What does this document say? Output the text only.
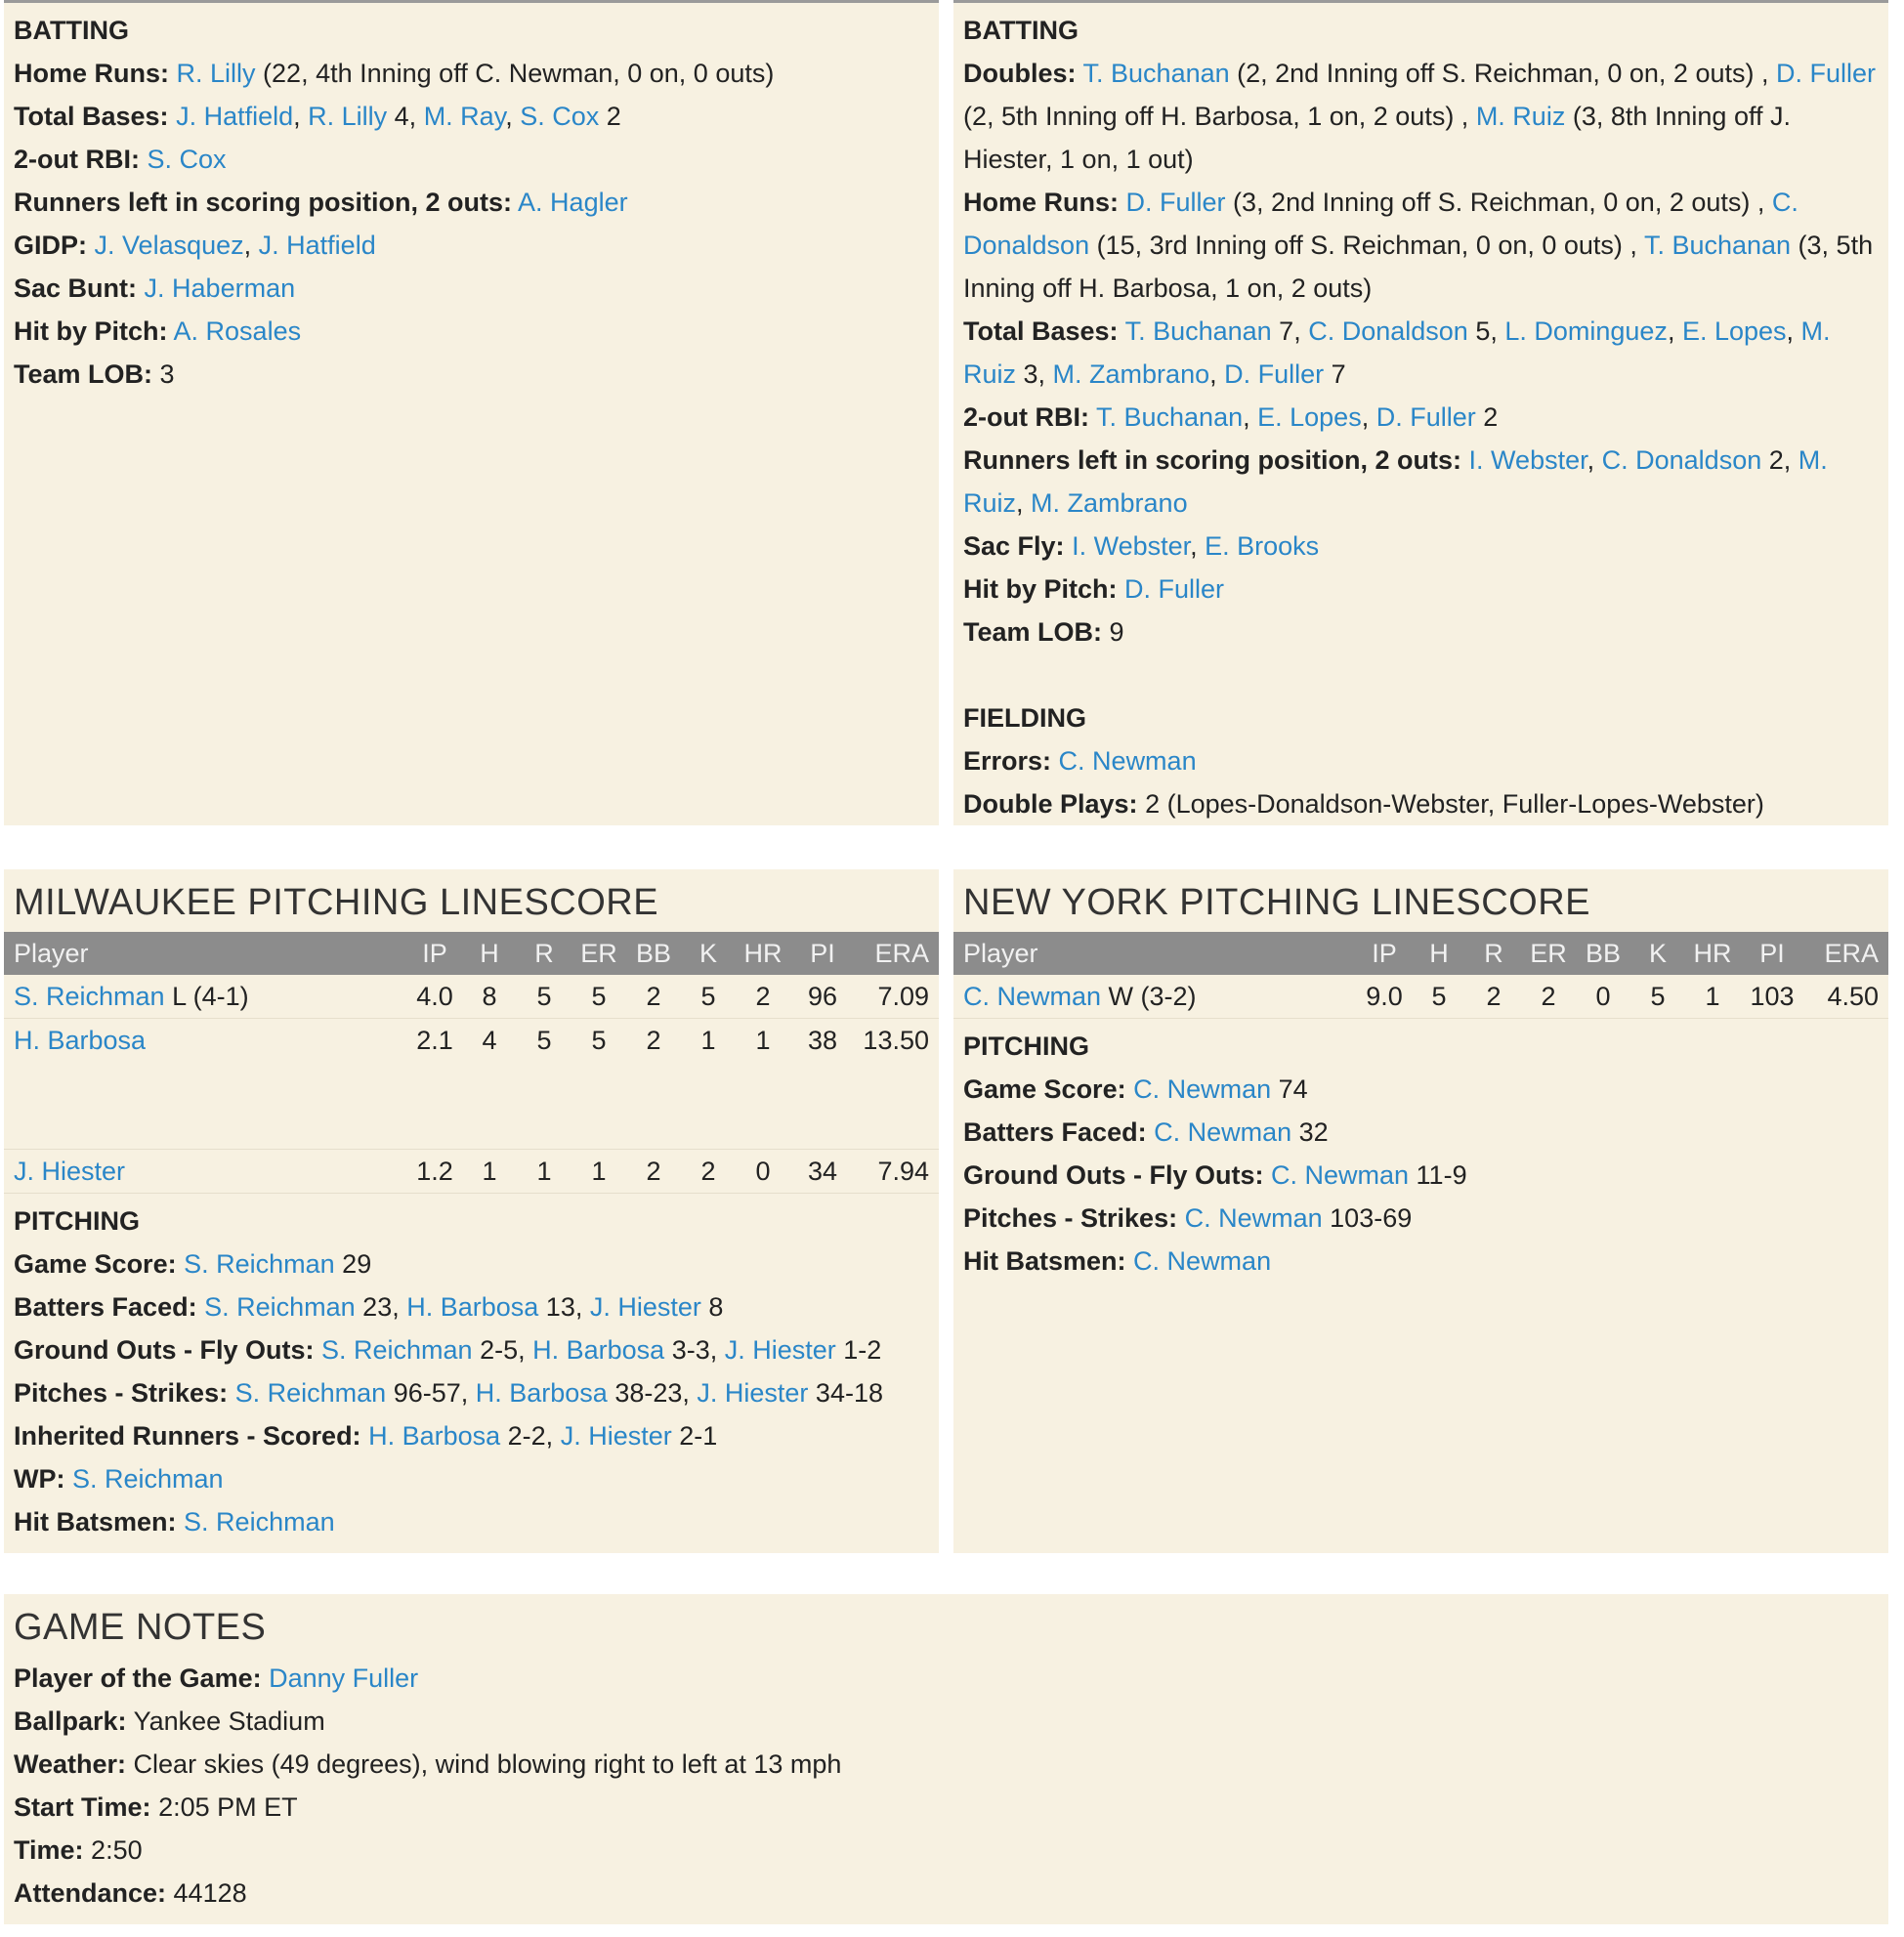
BATTING
Home Runs: R. Lilly (22, 4th Inning off C. Newman, 0 on, 0 outs)
Total Bases: J. Hatfield, R. Lilly 4, M. Ray, S. Cox 2
2-out RBI: S. Cox
Runners left in scoring position, 2 outs: A. Hagler
GIDP: J. Velasquez, J. Hatfield
Sac Bunt: J. Haberman
Hit by Pitch: A. Rosales
Team LOB: 3
BATTING
Doubles: T. Buchanan (2, 2nd Inning off S. Reichman, 0 on, 2 outs) , D. Fuller (2, 5th Inning off H. Barbosa, 1 on, 2 outs) , M. Ruiz (3, 8th Inning off J. Hiester, 1 on, 1 out)
Home Runs: D. Fuller (3, 2nd Inning off S. Reichman, 0 on, 2 outs) , C. Donaldson (15, 3rd Inning off S. Reichman, 0 on, 0 outs) , T. Buchanan (3, 5th Inning off H. Barbosa, 1 on, 2 outs)
Total Bases: T. Buchanan 7, C. Donaldson 5, L. Dominguez, E. Lopes, M. Ruiz 3, M. Zambrano, D. Fuller 7
2-out RBI: T. Buchanan, E. Lopes, D. Fuller 2
Runners left in scoring position, 2 outs: I. Webster, C. Donaldson 2, M. Ruiz, M. Zambrano
Sac Fly: I. Webster, E. Brooks
Hit by Pitch: D. Fuller
Team LOB: 9
FIELDING
Errors: C. Newman
Double Plays: 2 (Lopes-Donaldson-Webster, Fuller-Lopes-Webster)
MILWAUKEE PITCHING LINESCORE
Player	IP	H	R	ER BB	K	HR	PI	ERA
S. Reichman L (4-1)	4.0	8	5	5	2	5	2	96	7.09
H. Barbosa	2.1	4	5	5	2	1	1	38 13.50
J. Hiester	1.2	1	1	1	2	2	0	34	7.94
PITCHING
Game Score: S. Reichman 29
Batters Faced: S. Reichman 23, H. Barbosa 13, J. Hiester 8
Ground Outs - Fly Outs: S. Reichman 2-5, H. Barbosa 3-3, J. Hiester 1-2
Pitches - Strikes: S. Reichman 96-57, H. Barbosa 38-23, J. Hiester 34-18
Inherited Runners - Scored: H. Barbosa 2-2, J. Hiester 2-1
WP: S. Reichman
Hit Batsmen: S. Reichman
NEW YORK PITCHING LINESCORE
Player	IP	H	R	ER BB	K	HR	PI	ERA
C. Newman W (3-2)	9.0	5	2	2	0	5	1	103	4.50
PITCHING
Game Score: C. Newman 74
Batters Faced: C. Newman 32
Ground Outs - Fly Outs: C. Newman 11-9
Pitches - Strikes: C. Newman 103-69
Hit Batsmen: C. Newman
GAME NOTES
Player of the Game: Danny Fuller
Ballpark: Yankee Stadium
Weather: Clear skies (49 degrees), wind blowing right to left at 13 mph
Start Time: 2:05 PM ET
Time: 2:50
Attendance: 44128
